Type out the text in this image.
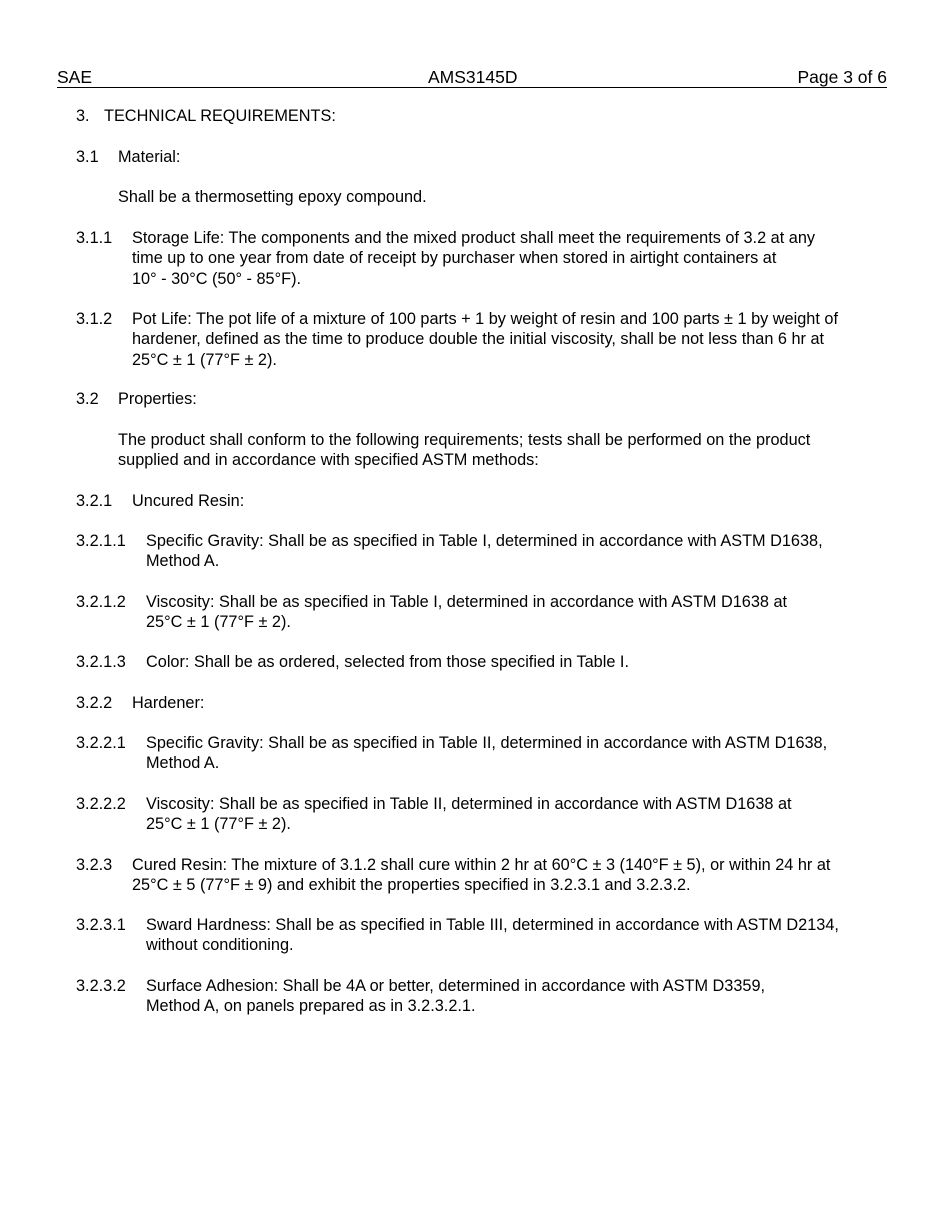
SAE	AMS3145D	Page 3 of 6
3. TECHNICAL REQUIREMENTS:
3.1 Material:
Shall be a thermosetting epoxy compound.
3.1.1 Storage Life: The components and the mixed product shall meet the requirements of 3.2 at any
time up to one year from date of receipt by purchaser when stored in airtight containers at
10° - 30°C (50° - 85°F).
3.1.2 Pot Life: The pot life of a mixture of 100 parts + 1 by weight of resin and 100 parts ± 1 by weight of
hardener, defined as the time to produce double the initial viscosity, shall be not less than 6 hr at
25°C ± 1 (77°F ± 2).
3.2 Properties:
The product shall conform to the following requirements; tests shall be performed on the product
supplied and in accordance with specified ASTM methods:
3.2.1 Uncured Resin:
3.2.1.1 Specific Gravity: Shall be as specified in Table I, determined in accordance with ASTM D1638,
Method A.
3.2.1.2 Viscosity: Shall be as specified in Table I, determined in accordance with ASTM D1638 at
25°C ± 1 (77°F ± 2).
3.2.1.3 Color: Shall be as ordered, selected from those specified in Table I.
3.2.2 Hardener:
3.2.2.1 Specific Gravity: Shall be as specified in Table II, determined in accordance with ASTM D1638,
Method A.
3.2.2.2 Viscosity: Shall be as specified in Table II, determined in accordance with ASTM D1638 at
25°C ± 1 (77°F ± 2).
3.2.3 Cured Resin: The mixture of 3.1.2 shall cure within 2 hr at 60°C ± 3 (140°F ± 5), or within 24 hr at
25°C ± 5 (77°F ± 9) and exhibit the properties specified in 3.2.3.1 and 3.2.3.2.
3.2.3.1 Sward Hardness: Shall be as specified in Table III, determined in accordance with ASTM D2134,
without conditioning.
3.2.3.2 Surface Adhesion: Shall be 4A or better, determined in accordance with ASTM D3359,
Method A, on panels prepared as in 3.2.3.2.1.
